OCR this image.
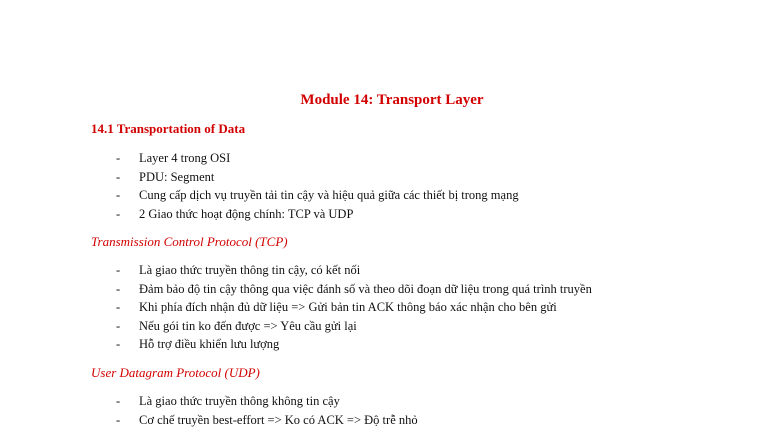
Module 14: Transport Layer
14.1 Transportation of Data
- Layer 4 trong OSI
- PDU: Segment
- Cung cấp dịch vụ truyền tải tin cậy và hiệu quả giữa các thiết bị trong mạng
- 2 Giao thức hoạt động chính: TCP và UDP
Transmission Control Protocol (TCP)
- Là giao thức truyền thông tin cậy, có kết nối
- Đảm bảo độ tin cậy thông qua việc đánh số và theo dõi đoạn dữ liệu trong quá trình truyền
- Khi phía đích nhận đủ dữ liệu => Gửi bản tin ACK thông báo xác nhận cho bên gửi
- Nếu gói tin ko đến được => Yêu cầu gửi lại
- Hỗ trợ điều khiển lưu lượng
User Datagram Protocol (UDP)
- Là giao thức truyền thông không tin cậy
- Cơ chế truyền best-effort => Ko có ACK => Độ trễ nhỏ
